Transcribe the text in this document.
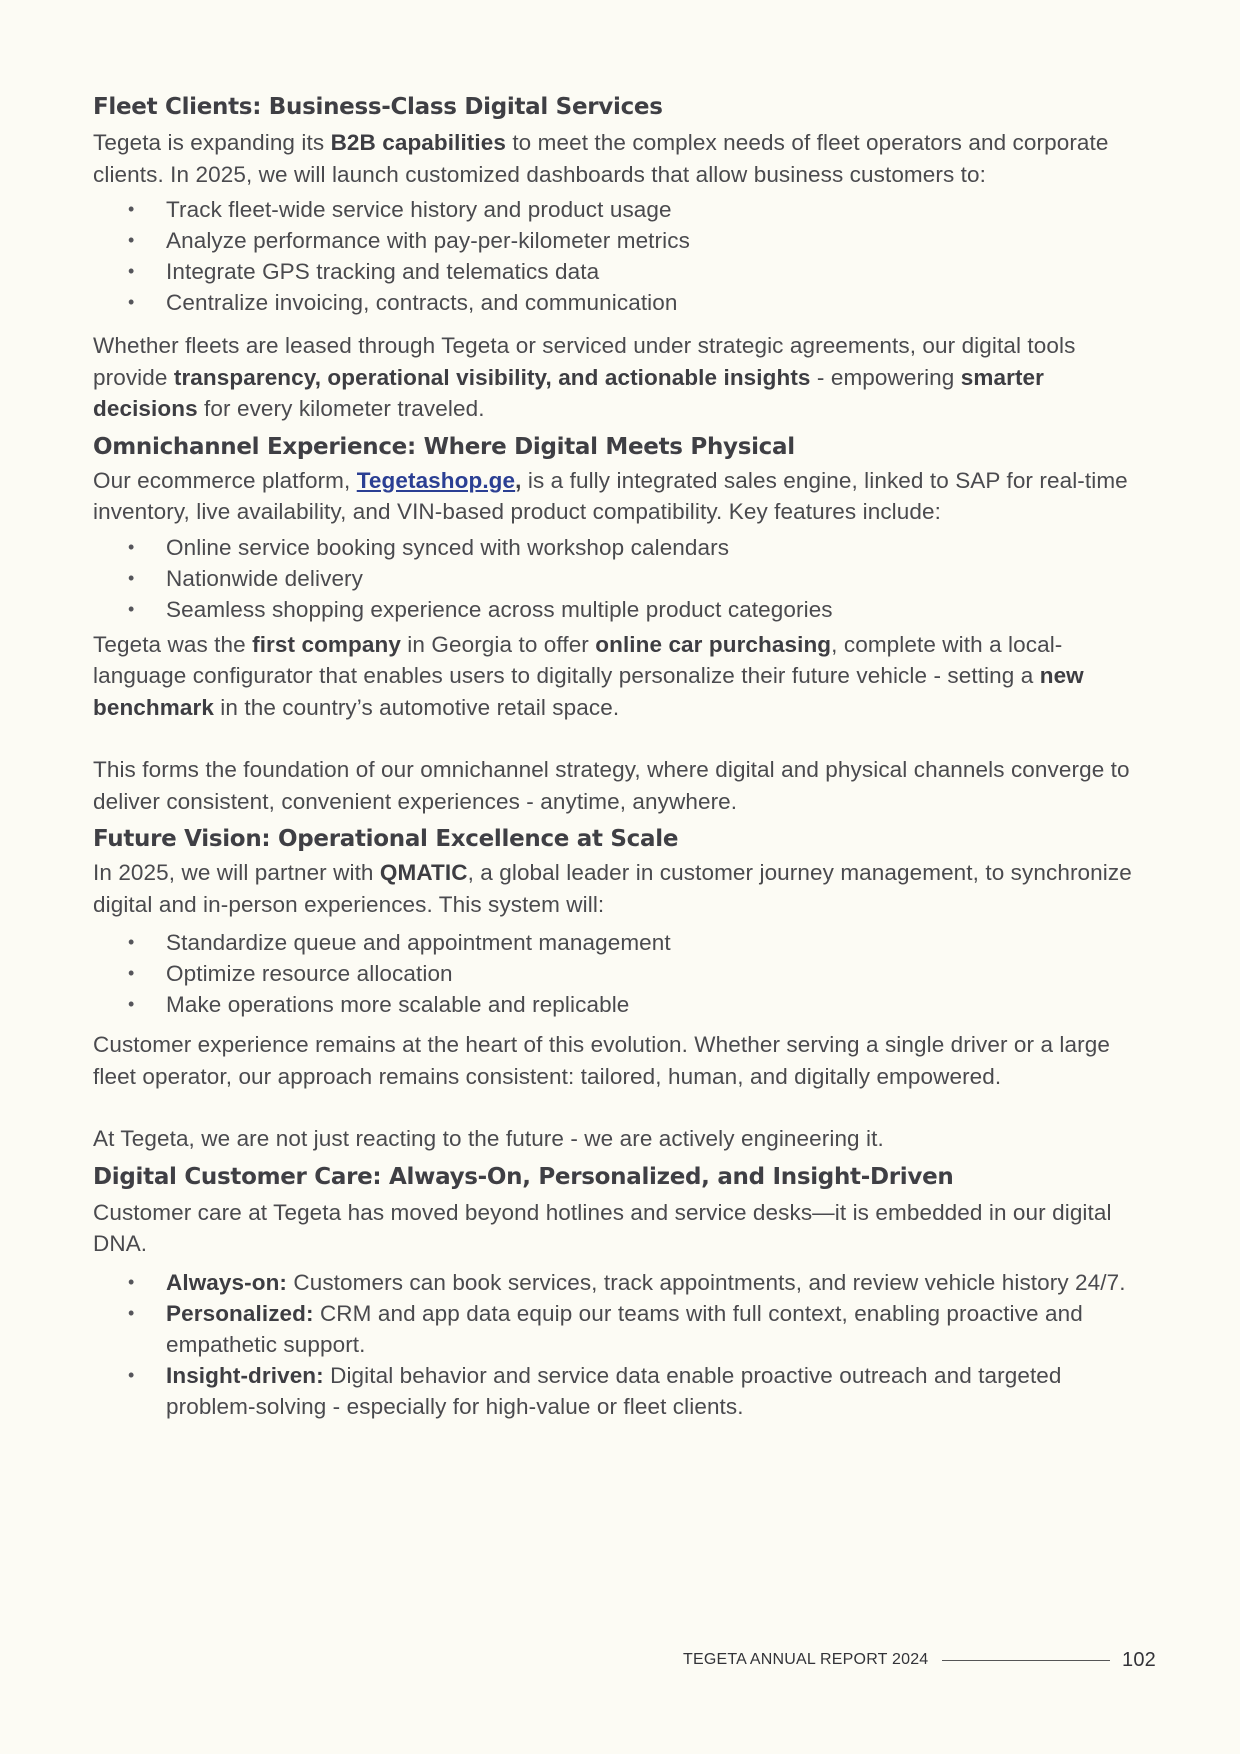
Fleet Clients: Business-Class Digital Services

Tegeta is expanding its B2B capabilities to meet the complex needs of fleet operators and corporate clients. In 2025, we will launch customized dashboards that allow business customers to:

• Track fleet-wide service history and product usage
• Analyze performance with pay-per-kilometer metrics
• Integrate GPS tracking and telematics data
• Centralize invoicing, contracts, and communication

Whether fleets are leased through Tegeta or serviced under strategic agreements, our digital tools provide transparency, operational visibility, and actionable insights - empowering smarter decisions for every kilometer traveled.

Omnichannel Experience: Where Digital Meets Physical

Our ecommerce platform, Tegetashop.ge, is a fully integrated sales engine, linked to SAP for real-time inventory, live availability, and VIN-based product compatibility. Key features include:

• Online service booking synced with workshop calendars
• Nationwide delivery
• Seamless shopping experience across multiple product categories

Tegeta was the first company in Georgia to offer online car purchasing, complete with a local-language configurator that enables users to digitally personalize their future vehicle - setting a new benchmark in the country’s automotive retail space.

This forms the foundation of our omnichannel strategy, where digital and physical channels converge to deliver consistent, convenient experiences - anytime, anywhere.

Future Vision: Operational Excellence at Scale

In 2025, we will partner with QMATIC, a global leader in customer journey management, to synchronize digital and in-person experiences. This system will:

• Standardize queue and appointment management
• Optimize resource allocation
• Make operations more scalable and replicable

Customer experience remains at the heart of this evolution. Whether serving a single driver or a large fleet operator, our approach remains consistent: tailored, human, and digitally empowered.

At Tegeta, we are not just reacting to the future - we are actively engineering it.

Digital Customer Care: Always-On, Personalized, and Insight-Driven

Customer care at Tegeta has moved beyond hotlines and service desks—it is embedded in our digital DNA.

• Always-on: Customers can book services, track appointments, and review vehicle history 24/7.
• Personalized: CRM and app data equip our teams with full context, enabling proactive and empathetic support.
• Insight-driven: Digital behavior and service data enable proactive outreach and targeted problem-solving - especially for high-value or fleet clients.
TEGETA ANNUAL REPORT 2024	102
